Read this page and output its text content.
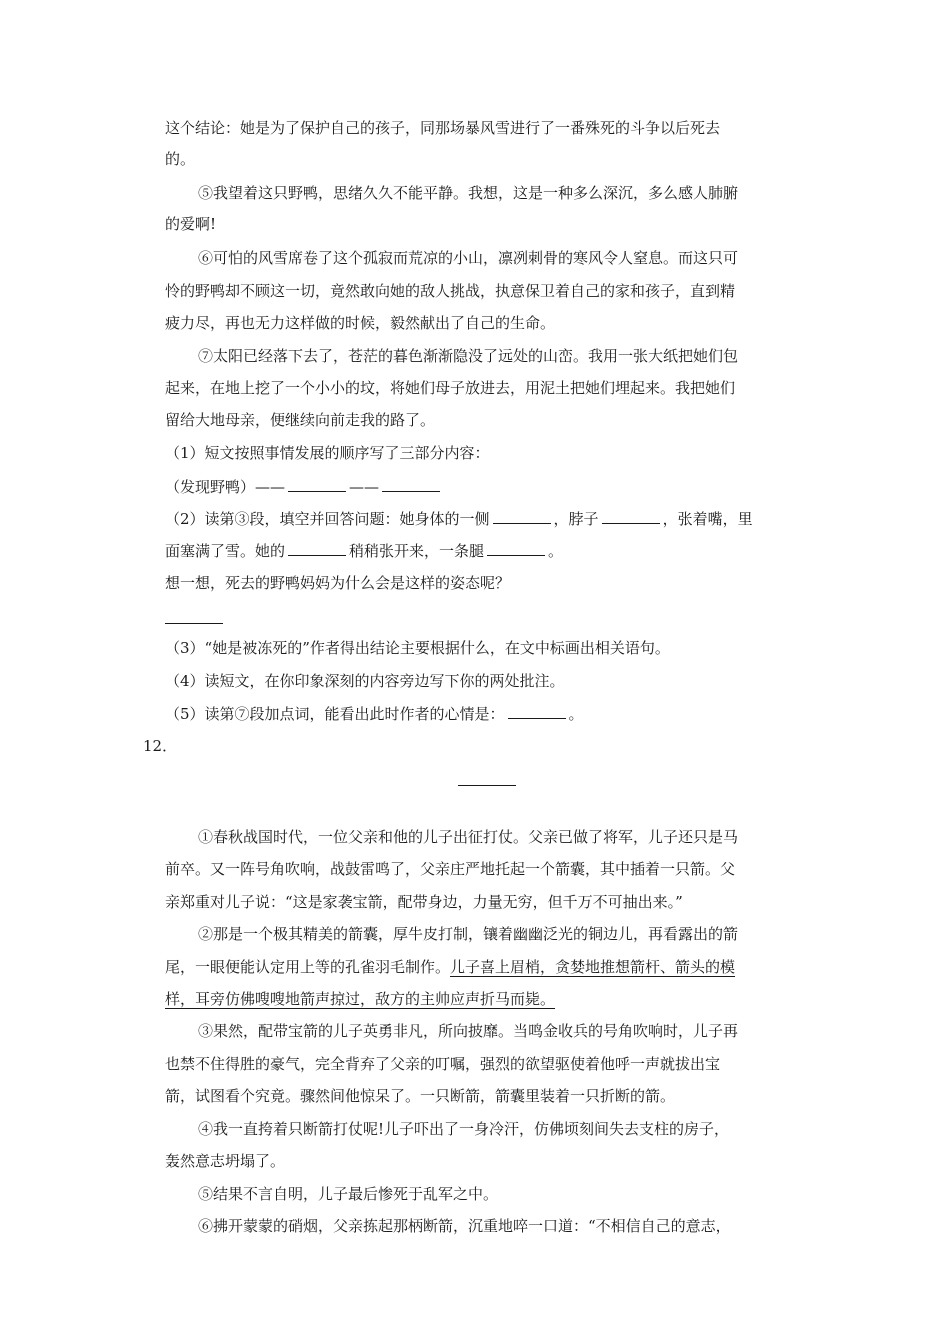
这个结论：她是为了保护自己的孩子，同那场暴风雪进行了一番殊死的斗争以后死去
的。
⑤我望着这只野鸭，思绪久久不能平静。我想，这是一种多么深沉，多么感人肺腑
的爱啊!
⑥可怕的风雪席卷了这个孤寂而荒凉的小山，凛冽刺骨的寒风令人窒息。而这只可
怜的野鸭却不顾这一切，竟然敢向她的敌人挑战，执意保卫着自己的家和孩子，直到精
疲力尽，再也无力这样做的时候，毅然献出了自己的生命。
⑦太阳已经落下去了，苍茫的暮色渐渐隐没了远处的山峦。我用一张大纸把她们包
起来，在地上挖了一个小小的坟，将她们母子放进去，用泥土把她们埋起来。我把她们
留给大地母亲，便继续向前走我的路了。
（1）短文按照事情发展的顺序写了三部分内容：
（发现野鸭）——	——
（2）读第③段，填空并回答问题：她身体的一侧	，脖子	，张着嘴，里
面塞满了雪。她的	稍稍张开来，一条腿	。
想一想，死去的野鸭妈妈为什么会是这样的姿态呢？
（3）“她是被冻死的”作者得出结论主要根据什么，在文中标画出相关语句。
（4）读短文，在你印象深刻的内容旁边写下你的两处批注。
（5）读第⑦段加点词，能看出此时作者的心情是：	。
12．
①春秋战国时代，一位父亲和他的儿子出征打仗。父亲已做了将军，儿子还只是马
前卒。又一阵号角吹响，战鼓雷鸣了，父亲庄严地托起一个箭囊，其中插着一只箭。父
亲郑重对儿子说：“这是家袭宝箭，配带身边，力量无穷，但千万不可抽出来。”
②那是一个极其精美的箭囊，厚牛皮打制，镶着幽幽泛光的铜边儿，再看露出的箭
尾，一眼便能认定用上等的孔雀羽毛制作。儿子喜上眉梢，贪婪地推想箭杆、箭头的模
样，耳旁仿佛嗖嗖地箭声掠过，敌方的主帅应声折马而毙。
③果然，配带宝箭的儿子英勇非凡，所向披靡。当鸣金收兵的号角吹响时，儿子再
也禁不住得胜的豪气，完全背弃了父亲的叮嘱，强烈的欲望驱使着他呼一声就拔出宝
箭，试图看个究竟。骤然间他惊呆了。一只断箭，箭囊里装着一只折断的箭。
④我一直挎着只断箭打仗呢!儿子吓出了一身冷汗，仿佛顷刻间失去支柱的房子，
轰然意志坍塌了。
⑤结果不言自明，儿子最后惨死于乱军之中。
⑥拂开蒙蒙的硝烟，父亲拣起那柄断箭，沉重地啐一口道：“不相信自己的意志，
